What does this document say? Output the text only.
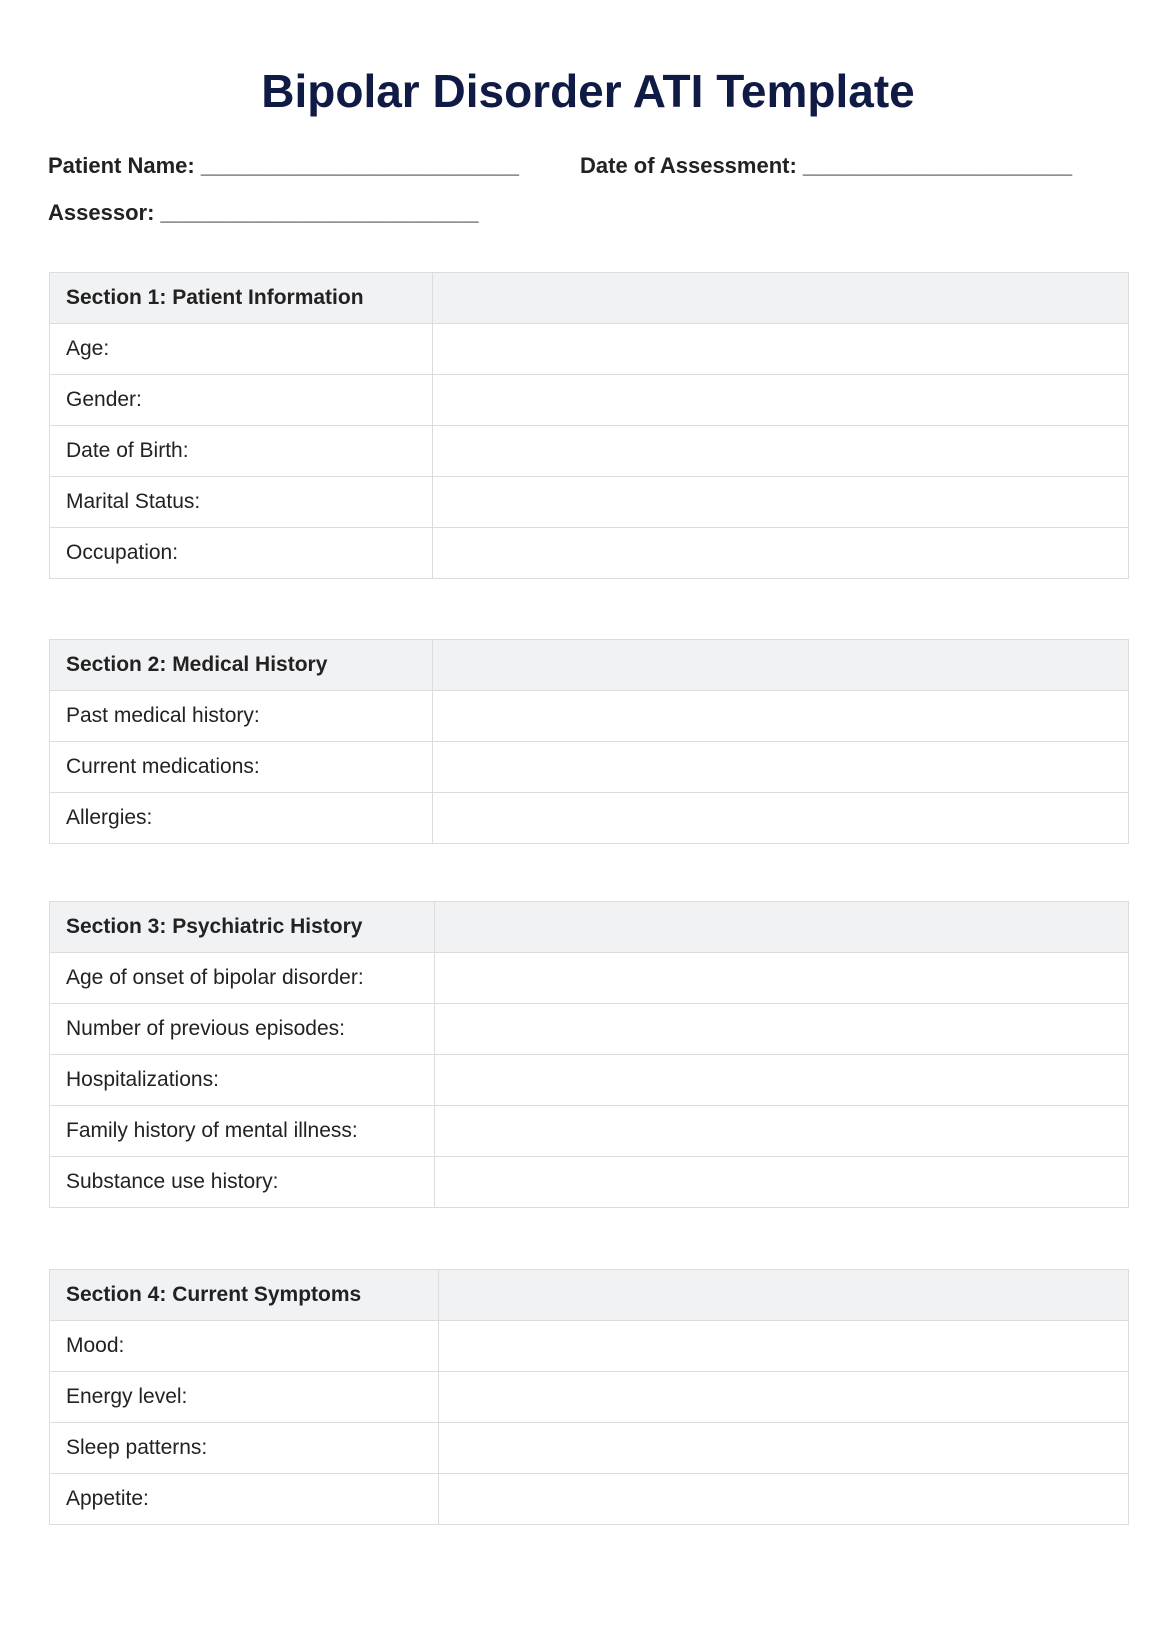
Bipolar Disorder ATI Template
Patient Name: __________________________	Date of Assessment: ______________________
Assessor: __________________________
Section 1: Patient Information	
Age:	
Gender:	
Date of Birth:	
Marital Status:	
Occupation:	
Section 2: Medical History	
Past medical history:	
Current medications:	
Allergies:	
Section 3: Psychiatric History	
Age of onset of bipolar disorder:	
Number of previous episodes:	
Hospitalizations:	
Family history of mental illness:	
Substance use history:	
Section 4: Current Symptoms	
Mood:	
Energy level:	
Sleep patterns:	
Appetite:	
